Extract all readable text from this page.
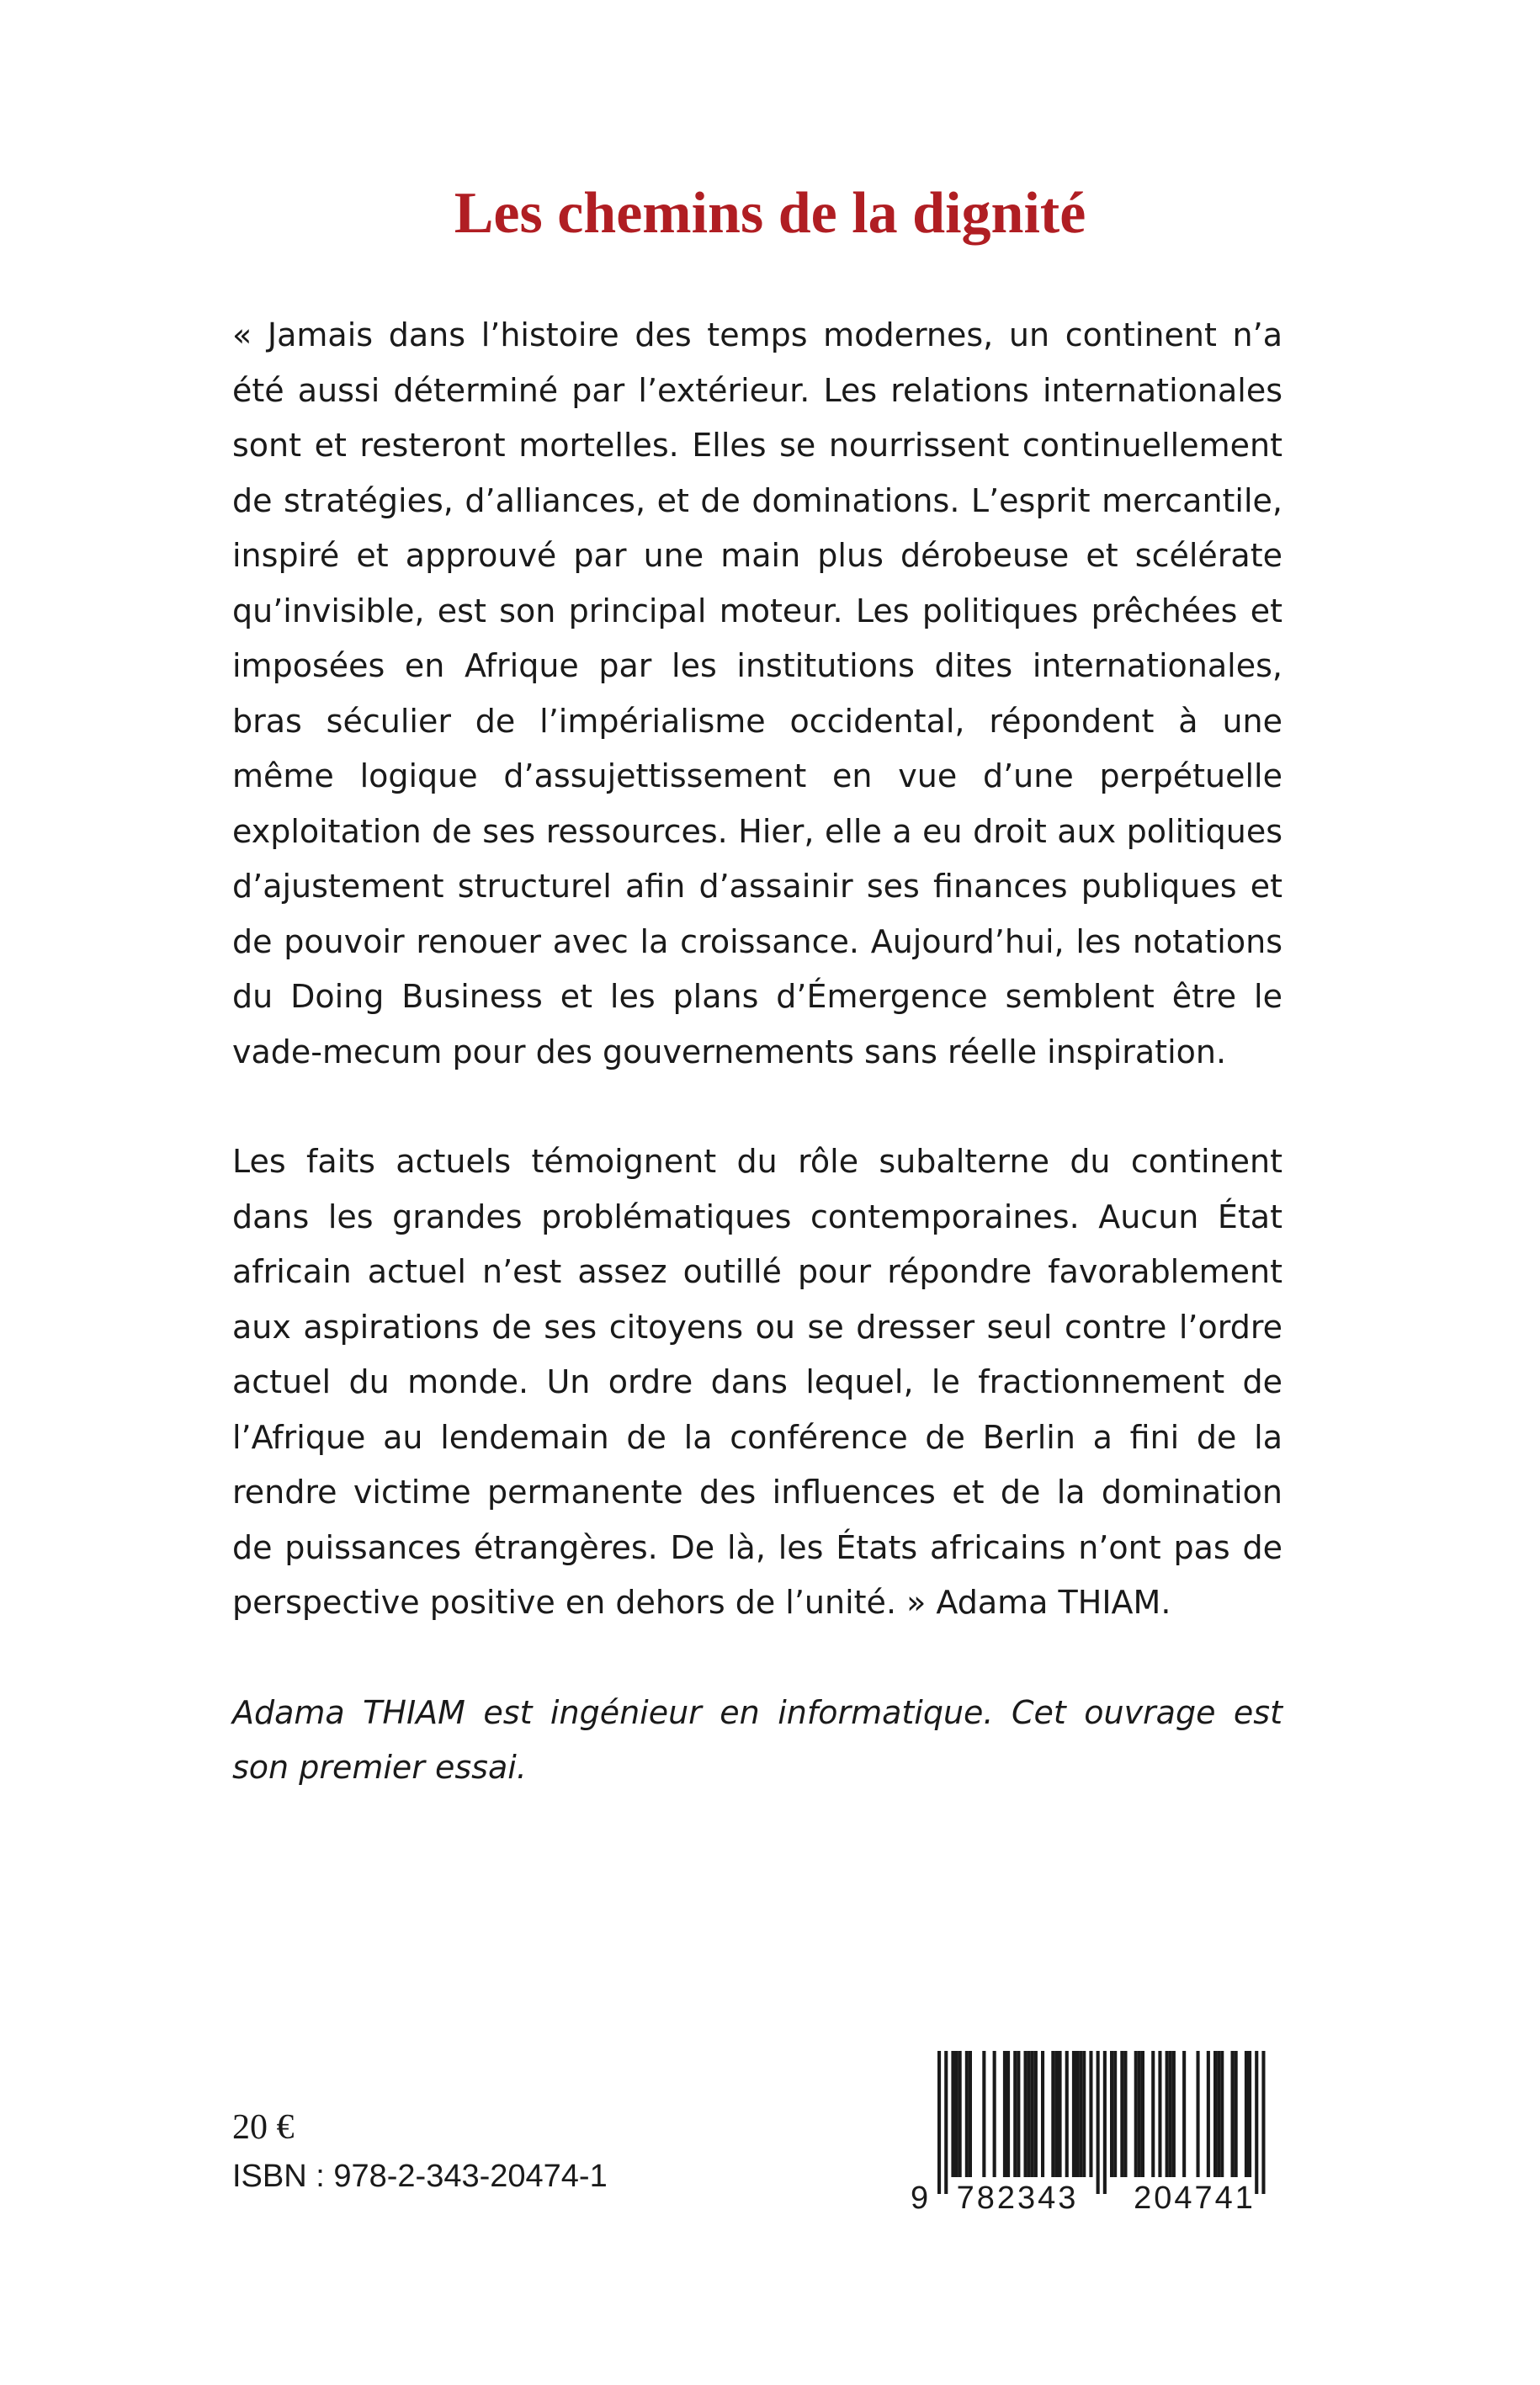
Les chemins de la dignité

« Jamais dans l’histoire des temps modernes, un continent n’a été aussi déterminé par l’extérieur. Les relations internationales sont et resteront mortelles. Elles se nourrissent continuellement de stratégies, d’alliances, et de dominations. L’esprit mercantile, inspiré et approuvé par une main plus dérobeuse et scélérate qu’invisible, est son principal moteur. Les politiques prêchées et imposées en Afrique par les institutions dites internationales, bras séculier de l’impérialisme occidental, répondent à une même logique d’assujettissement en vue d’une perpétuelle exploitation de ses ressources. Hier, elle a eu droit aux politiques d’ajustement structurel afin d’assainir ses finances publiques et de pouvoir renouer avec la croissance. Aujourd’hui, les notations du Doing Business et les plans d’Émergence semblent être le vade-mecum pour des gouvernements sans réelle inspiration.

Les faits actuels témoignent du rôle subalterne du continent dans les grandes problématiques contemporaines. Aucun État africain actuel n’est assez outillé pour répondre favorablement aux aspirations de ses citoyens ou se dresser seul contre l’ordre actuel du monde. Un ordre dans lequel, le fractionnement de l’Afrique au lendemain de la conférence de Berlin a fini de la rendre victime permanente des influences et de la domination de puissances étrangères. De là, les États africains n’ont pas de perspective positive en dehors de l’unité. » Adama THIAM.

Adama THIAM est ingénieur en informatique. Cet ouvrage est son premier essai.

20 €

ISBN : 978-2-343-20474-1

9 782343	204741
